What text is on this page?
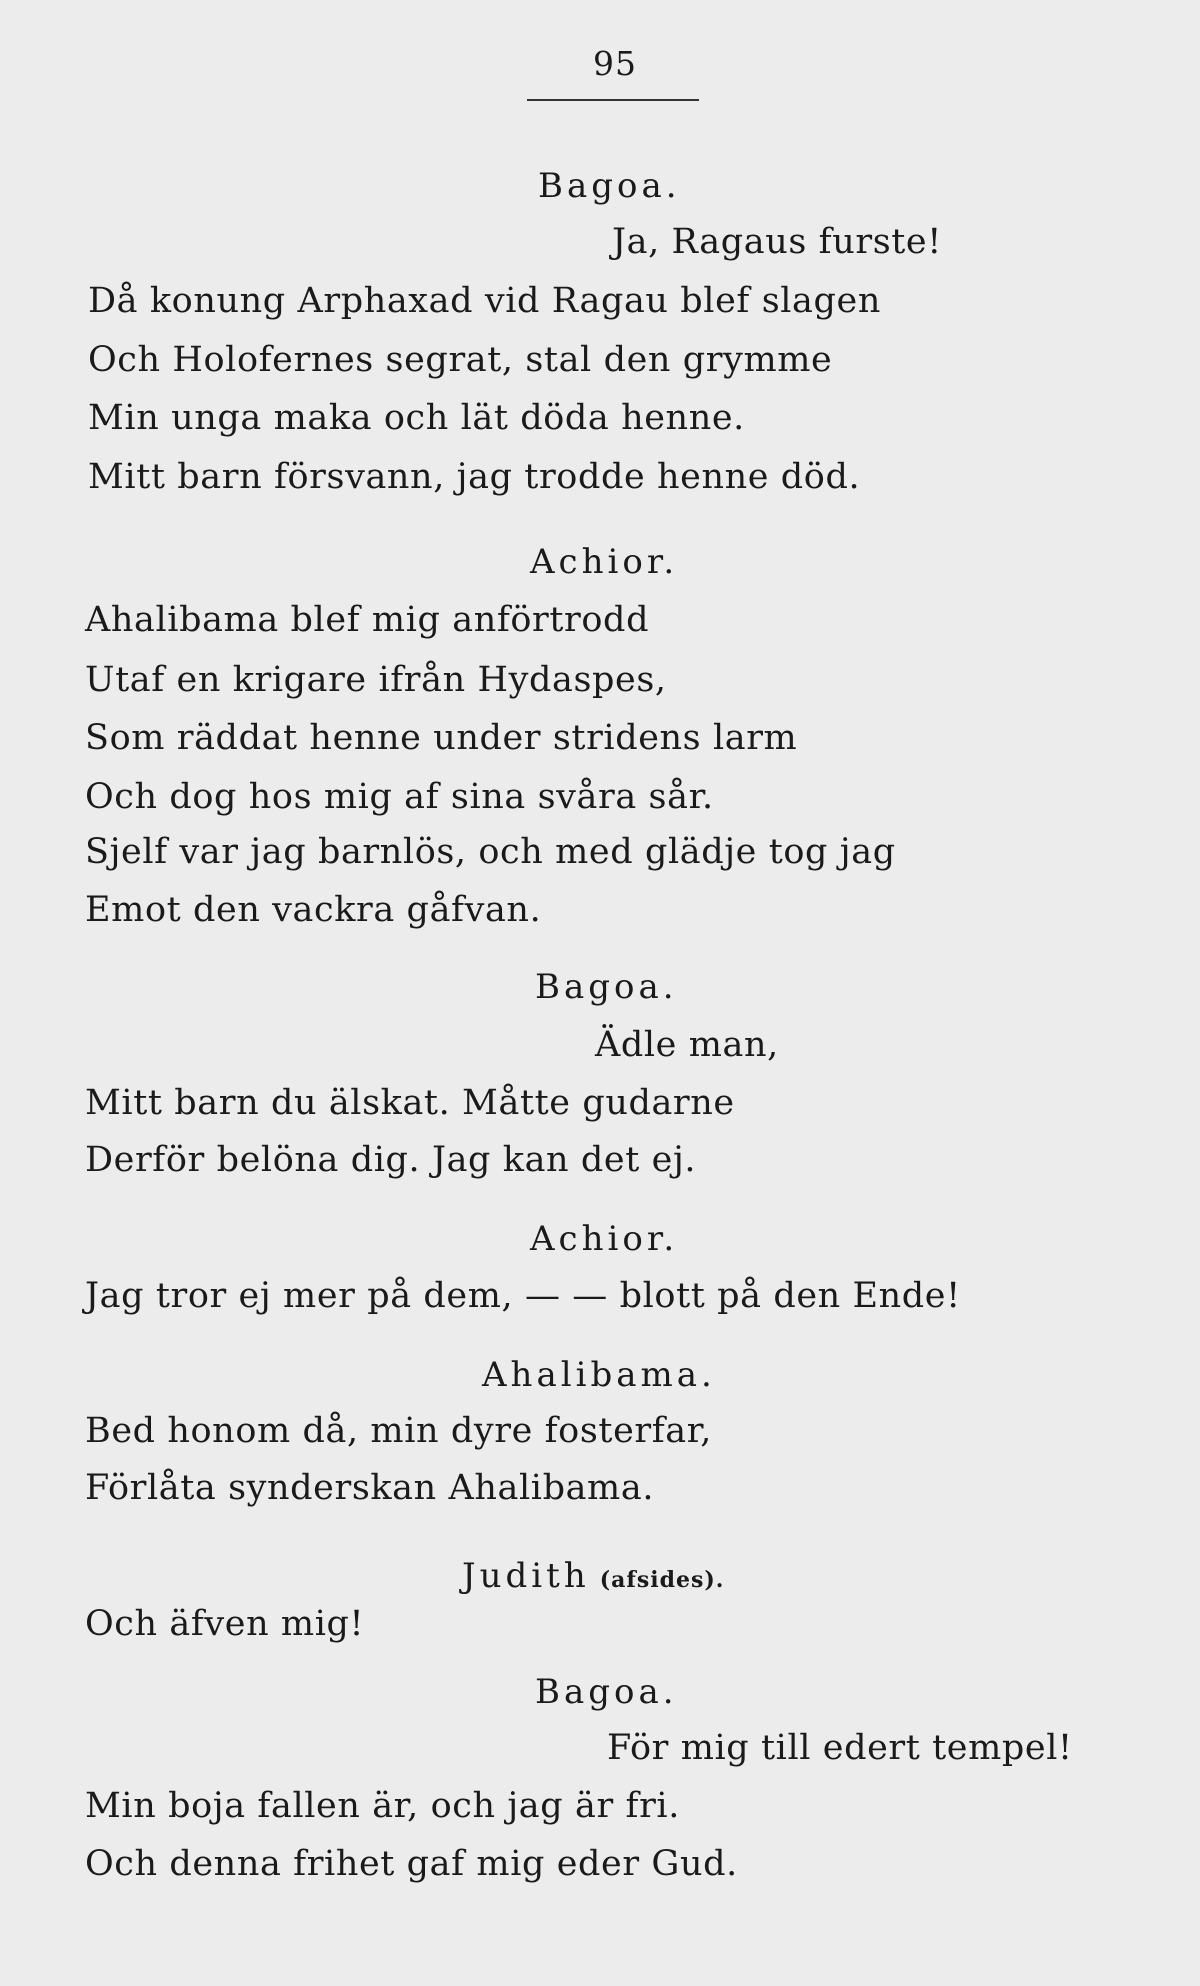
95
Bagoa.
Ja, Ragaus furste!
Då konung Arphaxad vid Ragau blef slagen
Och Holofernes segrat, stal den grymme
Min unga maka och lät döda henne.
Mitt barn försvann, jag trodde henne död.
Achior.
Ahalibama blef mig anförtrodd
Utaf en krigare ifrån Hydaspes,
Som räddat henne under stridens larm
Och dog hos mig af sina svåra sår.
Sjelf var jag barnlös, och med glädje tog jag
Emot den vackra gåfvan.
Bagoa.
Ädle man,
Mitt barn du älskat. Måtte gudarne
Derför belöna dig. Jag kan det ej.
Achior.
Jag tror ej mer på dem, — — blott på den Ende!
Ahalibama.
Bed honom då, min dyre fosterfar,
Förlåta synderskan Ahalibama.
Judith (afsides).
Och äfven mig!
Bagoa.
För mig till edert tempel!
Min boja fallen är, och jag är fri.
Och denna frihet gaf mig eder Gud.
